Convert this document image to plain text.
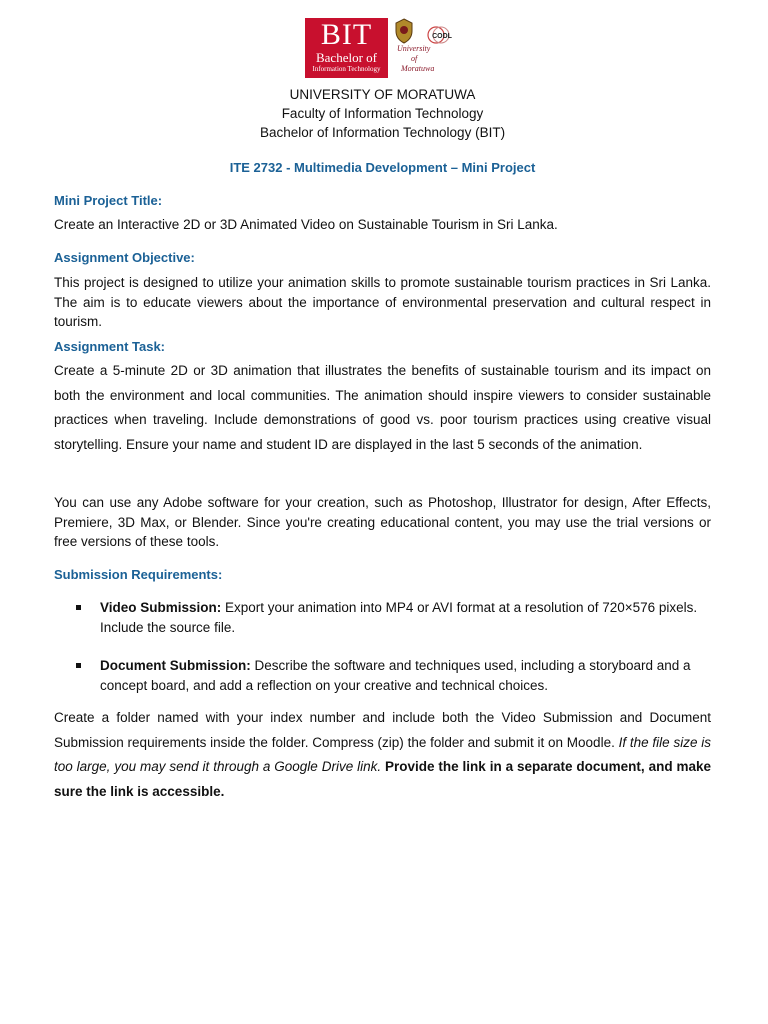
BIT
Bachelor of
Information Technology
University
of
Moratuwa
CODL
UNIVERSITY OF MORATUWA
Faculty of Information Technology
Bachelor of Information Technology (BIT)
ITE 2732 - Multimedia Development – Mini Project
Mini Project Title:
Create an Interactive 2D or 3D Animated Video on Sustainable Tourism in Sri Lanka.
Assignment Objective:
This project is designed to utilize your animation skills to promote sustainable tourism practices in Sri Lanka. The aim is to educate viewers about the importance of environmental preservation and cultural respect in tourism.
Assignment Task:
Create a 5-minute 2D or 3D animation that illustrates the benefits of sustainable tourism and its impact on both the environment and local communities. The animation should inspire viewers to consider sustainable practices when traveling. Include demonstrations of good vs. poor tourism practices using creative visual storytelling. Ensure your name and student ID are displayed in the last 5 seconds of the animation.
You can use any Adobe software for your creation, such as Photoshop, Illustrator for design, After Effects, Premiere, 3D Max, or Blender. Since you're creating educational content, you may use the trial versions or free versions of these tools.
Submission Requirements:
Video Submission: Export your animation into MP4 or AVI format at a resolution of 720×576 pixels. Include the source file.
Document Submission: Describe the software and techniques used, including a storyboard and a concept board, and add a reflection on your creative and technical choices.
Create a folder named with your index number and include both the Video Submission and Document Submission requirements inside the folder. Compress (zip) the folder and submit it on Moodle. If the file size is too large, you may send it through a Google Drive link. Provide the link in a separate document, and make sure the link is accessible.
